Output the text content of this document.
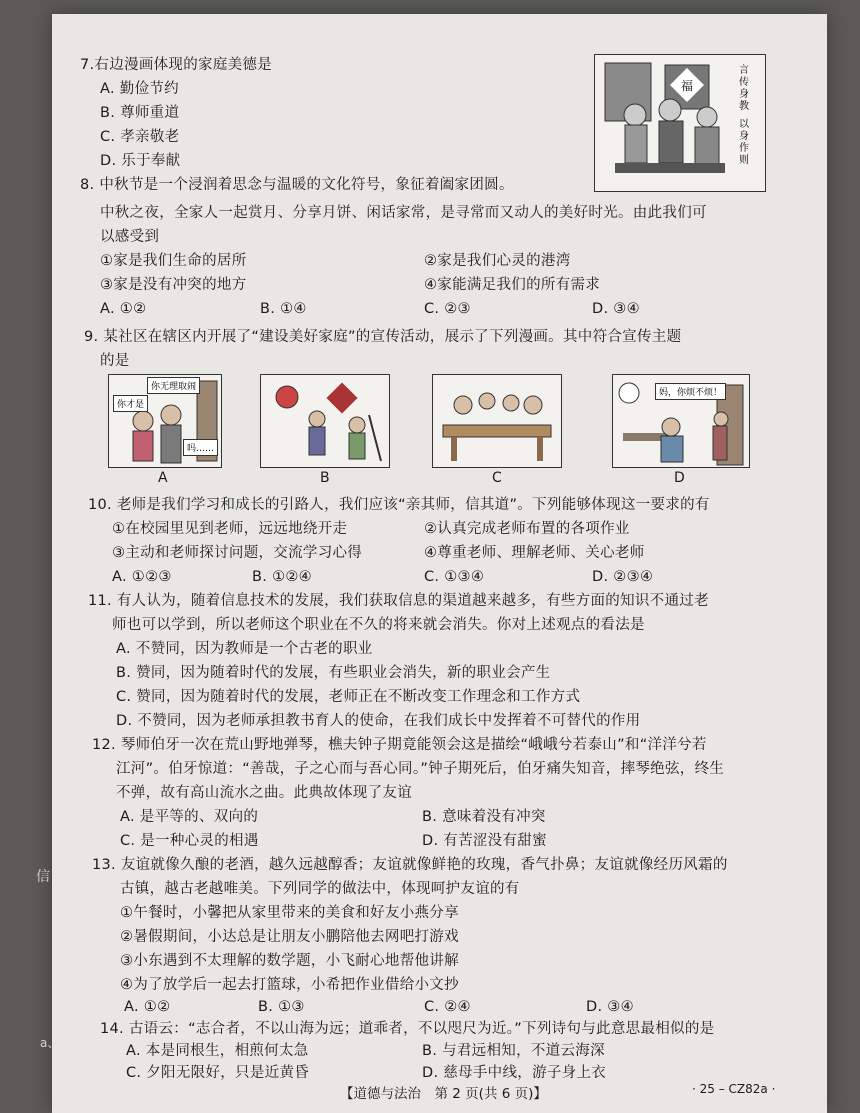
7.右边漫画体现的家庭美德是
A. 勤俭节约
B. 尊师重道
C. 孝亲敬老
D. 乐于奉献
福
言传身教
以身作则
8. 中秋节是一个浸润着思念与温暖的文化符号，象征着阖家团圆。
中秋之夜，全家人一起赏月、分享月饼、闲话家常，是寻常而又动人的美好时光。由此我们可
以感受到
①家是我们生命的居所	②家是我们心灵的港湾
③家是没有冲突的地方	④家能满足我们的所有需求
A. ①②	B. ①④	C. ②③	D. ③④
9. 某社区在辖区内开展了“建设美好家庭”的宣传活动，展示了下列漫画。其中符合宣传主题
的是
你无理取闹
你才是
吗……
妈，你烦不烦！
A	B	C	D
10. 老师是我们学习和成长的引路人，我们应该“亲其师，信其道”。下列能够体现这一要求的有
①在校园里见到老师，远远地绕开走	②认真完成老师布置的各项作业
③主动和老师探讨问题，交流学习心得	④尊重老师、理解老师、关心老师
A. ①②③	B. ①②④	C. ①③④	D. ②③④
11. 有人认为，随着信息技术的发展，我们获取信息的渠道越来越多，有些方面的知识不通过老
师也可以学到，所以老师这个职业在不久的将来就会消失。你对上述观点的看法是
A. 不赞同，因为教师是一个古老的职业
B. 赞同，因为随着时代的发展，有些职业会消失，新的职业会产生
C. 赞同，因为随着时代的发展，老师正在不断改变工作理念和工作方式
D. 不赞同，因为老师承担教书育人的使命，在我们成长中发挥着不可替代的作用
12. 琴师伯牙一次在荒山野地弹琴，樵夫钟子期竟能领会这是描绘“峨峨兮若泰山”和“洋洋兮若
江河”。伯牙惊道：“善哉，子之心而与吾心同。”钟子期死后，伯牙痛失知音，摔琴绝弦，终生
不弹，故有高山流水之曲。此典故体现了友谊
A. 是平等的、双向的	B. 意味着没有冲突
C. 是一种心灵的相遇	D. 有苦涩没有甜蜜
13. 友谊就像久酿的老酒，越久远越醇香；友谊就像鲜艳的玫瑰，香气扑鼻；友谊就像经历风霜的
古镇，越古老越唯美。下列同学的做法中，体现呵护友谊的有
①午餐时，小馨把从家里带来的美食和好友小燕分享
②暑假期间，小达总是让朋友小鹏陪他去网吧打游戏
③小东遇到不太理解的数学题，小飞耐心地帮他讲解
④为了放学后一起去打篮球，小希把作业借给小文抄
A. ①②	B. ①③	C. ②④	D. ③④
14. 古语云：“志合者，不以山海为远；道乖者，不以咫尺为近。”下列诗句与此意思最相似的是
A. 本是同根生，相煎何太急	B. 与君远相知，不道云海深
C. 夕阳无限好，只是近黄昏	D. 慈母手中线，游子身上衣
【道德与法治　第 2 页(共 6 页)】	· 25 – CZ82a ·
信
a、
